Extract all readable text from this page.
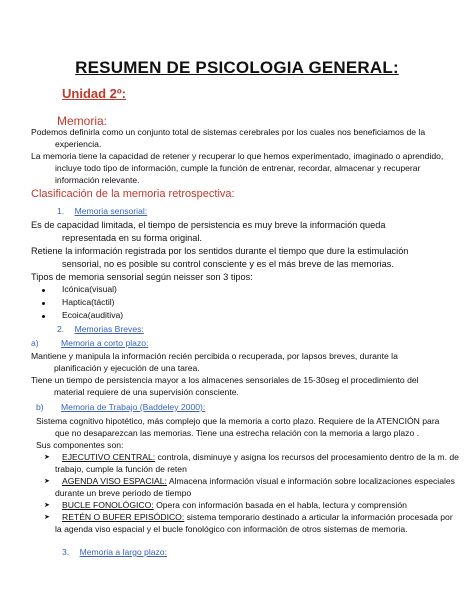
RESUMEN DE PSICOLOGIA GENERAL:
Unidad 2º:
Memoria:
Podemos definirla como un conjunto total de sistemas cerebrales por los cuales nos beneficiamos de la
experiencia.
La memoria tiene la capacidad de retener y recuperar lo que hemos experimentado, imaginado o aprendido,
incluye todo tipo de información, cumple la función de entrenar, recordar, almacenar y recuperar
información relevante.
Clasificación de la memoria retrospectiva:
1. Memoria sensorial:
Es de capacidad limitada, el tiempo de persistencia es muy breve la información queda
representada en su forma original.
Retiene la información registrada por los sentidos durante el tiempo que dure la estimulación
sensorial, no es posible su control consciente y es el más breve de las memorias.
Tipos de memoria sensorial según neisser son 3 tipos:
Icónica(visual)
Haptica(táctil)
Ecoica(auditiva)
2. Memorias Breves:
a)	Memoria a corto plazo:
Mantiene y manipula la información recién percibida o recuperada, por lapsos breves, durante la
planificación y ejecución de una tarea.
Tiene un tiempo de persistencia mayor a los almacenes sensoriales de 15-30seg el procedimiento del
material requiere de una supervisión consciente.
b) Memoria de Trabajo (Baddeley 2000):
Sistema cognitivo hipotético, más complejo que la memoria a corto plazo. Requiere de la ATENCIÓN para
que no desaparezcan las memorias. Tiene una estrecha relación con la memoria a largo plazo .
Sus componentes son:
➤ EJECUTIVO CENTRAL: controla, disminuye y asigna los recursos del procesamiento dentro de la m. de
trabajo, cumple la función de reten
➤ AGENDA VISO ESPACIAL: Almacena información visual e información sobre localizaciones especiales
durante un breve periodo de tiempo
➤ BUCLE FONOLÓGICO: Opera con información basada en el habla, lectura y comprensión
➤ RETÉN O BUFER EPISÓDICO: sistema temporario destinado a articular la información procesada por
la agenda viso espacial y el bucle fonológico con información de otros sistemas de memoria.
3. Memoria a largo plazo:
